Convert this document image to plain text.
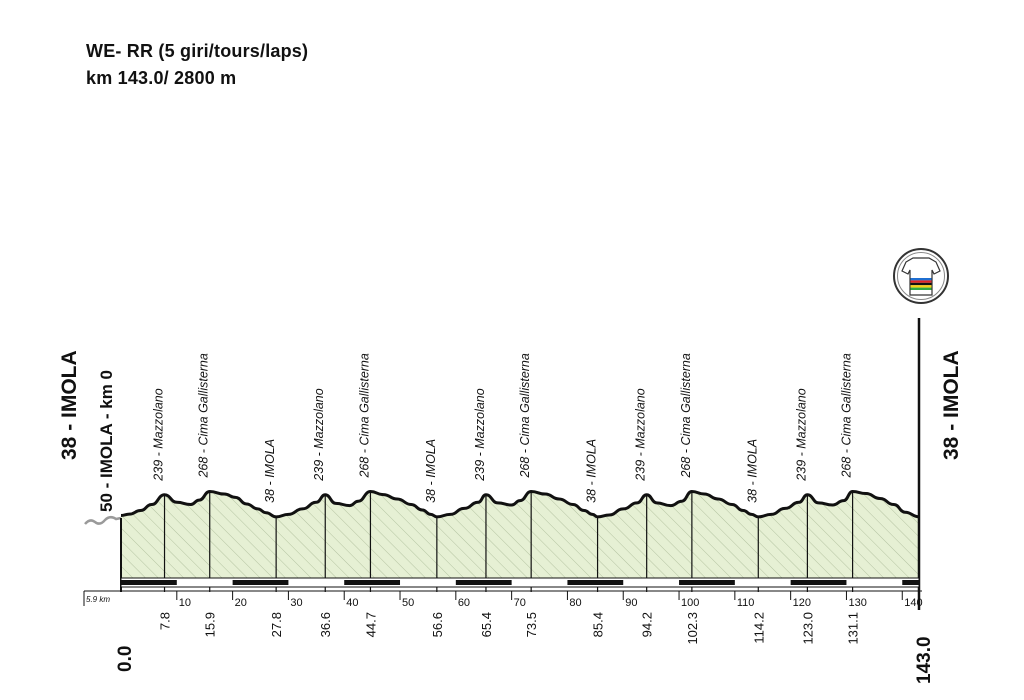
WE- RR (5 giri/tours/laps)
km 143.0/ 2800 m
10	20	30	40	50	60	70	80	90	100	110	120	130	140
239 - Mazzolano
7.8
268 - Cima Gallisterna
15.9
38 - IMOLA
27.8
239 - Mazzolano
36.6
268 - Cima Gallisterna
44.7
38 - IMOLA
56.6
239 - Mazzolano
65.4
268 - Cima Gallisterna
73.5
38 - IMOLA
85.4
239 - Mazzolano
94.2
268 - Cima Gallisterna
102.3
38 - IMOLA
114.2
239 - Mazzolano
123.0
268 - Cima Gallisterna
131.1
38 - IMOLA 50 - IMOLA - km 0	38 - IMOLA
0.0	143.0
5.9 km
